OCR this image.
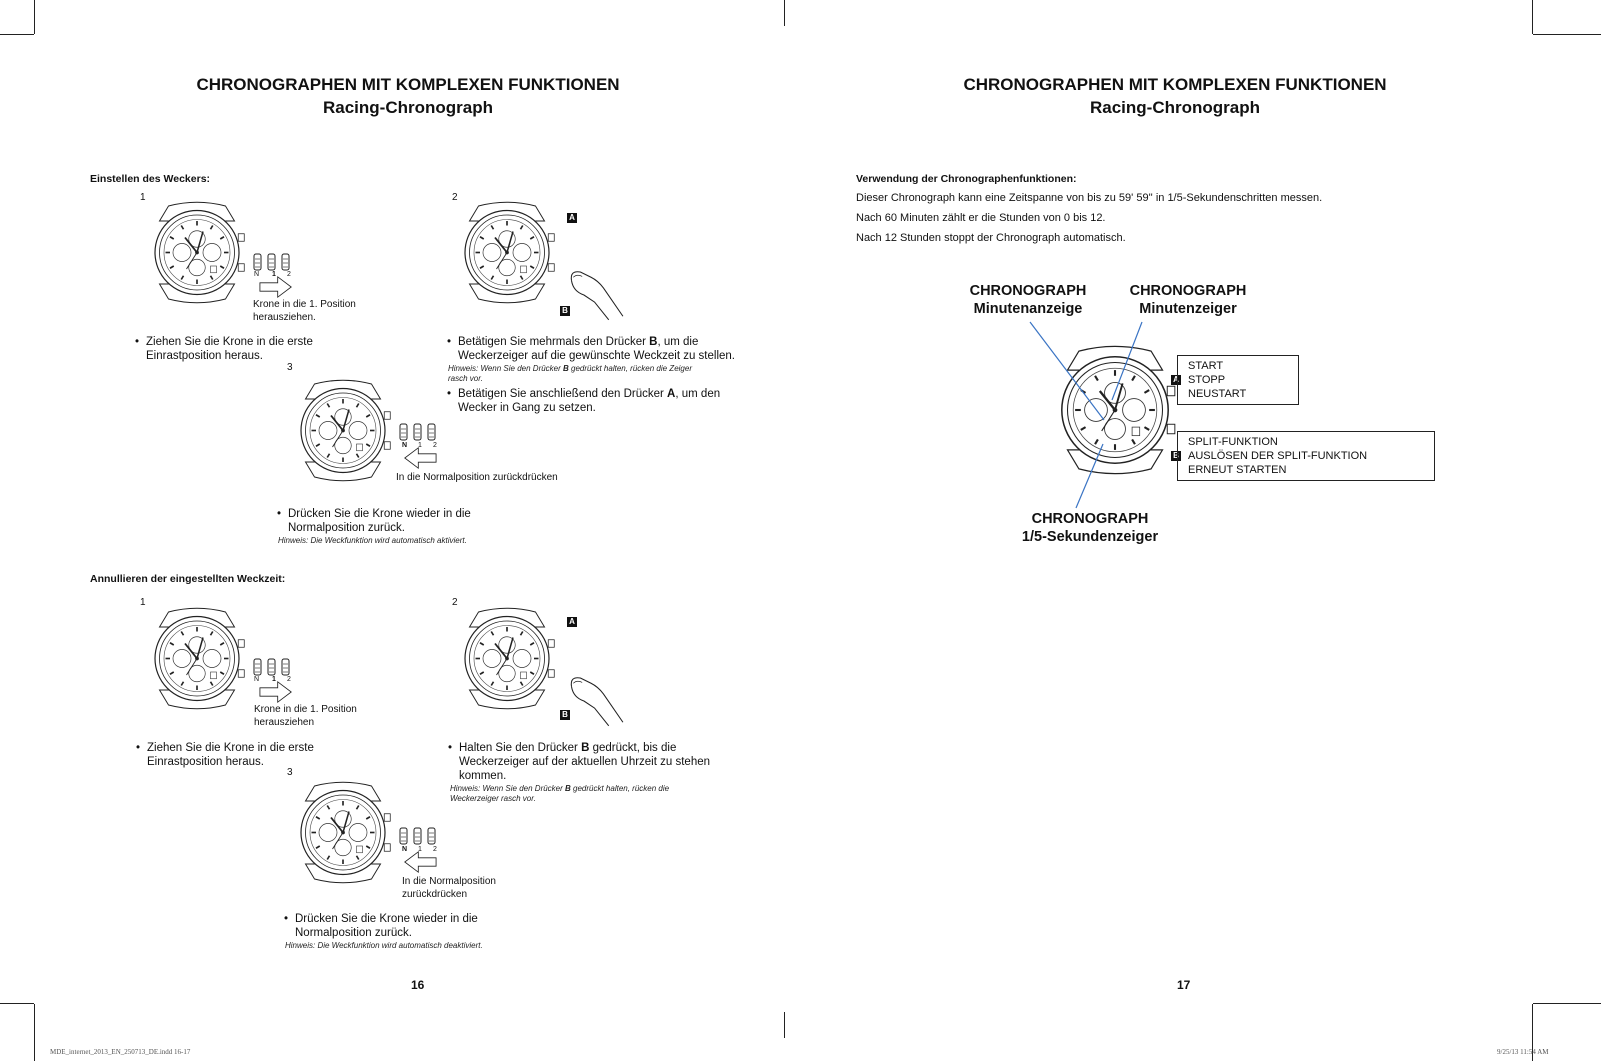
CHRONOGRAPHEN MIT KOMPLEXEN FUNKTIONEN
Racing-Chronograph
Einstellen des Weckers:
1
N 1 2
Krone in die 1. Position
herausziehen.
• Ziehen Sie die Krone in die erste
Einrastposition heraus.
2
A
B
• Betätigen Sie mehrmals den Drücker B, um die
Weckerzeiger auf die gewünschte Weckzeit zu stellen.
Hinweis: Wenn Sie den Drücker B gedrückt halten, rücken die Zeiger
rasch vor.
• Betätigen Sie anschließend den Drücker A, um den
Wecker in Gang zu setzen.
3
N 1 2
In die Normalposition zurückdrücken
• Drücken Sie die Krone wieder in die
Normalposition zurück.
Hinweis: Die Weckfunktion wird automatisch aktiviert.
Annullieren der eingestellten Weckzeit:
1
N 1 2
Krone in die 1. Position
herausziehen
• Ziehen Sie die Krone in die erste
Einrastposition heraus.
2
A
B
• Halten Sie den Drücker B gedrückt, bis die
Weckerzeiger auf der aktuellen Uhrzeit zu stehen
kommen.
Hinweis: Wenn Sie den Drücker B gedrückt halten, rücken die
Weckerzeiger rasch vor.
3
N 1 2
In die Normalposition
zurückdrücken
• Drücken Sie die Krone wieder in die
Normalposition zurück.
Hinweis: Die Weckfunktion wird automatisch deaktiviert.
16
CHRONOGRAPHEN MIT KOMPLEXEN FUNKTIONEN
Racing-Chronograph
Verwendung der Chronographenfunktionen:
Dieser Chronograph kann eine Zeitspanne von bis zu 59' 59'' in 1/5-Sekundenschritten messen.
Nach 60 Minuten zählt er die Stunden von 0 bis 12.
Nach 12 Stunden stoppt der Chronograph automatisch.
CHRONOGRAPH
Minutenanzeige
CHRONOGRAPH
Minutenzeiger
A
B
START
STOPP
NEUSTART
SPLIT-FUNKTION
AUSLÖSEN DER SPLIT-FUNKTION
ERNEUT STARTEN
CHRONOGRAPH
1/5-Sekundenzeiger
17
MDE_internet_2013_EN_250713_DE.indd 16-17	9/25/13 11:54 AM
